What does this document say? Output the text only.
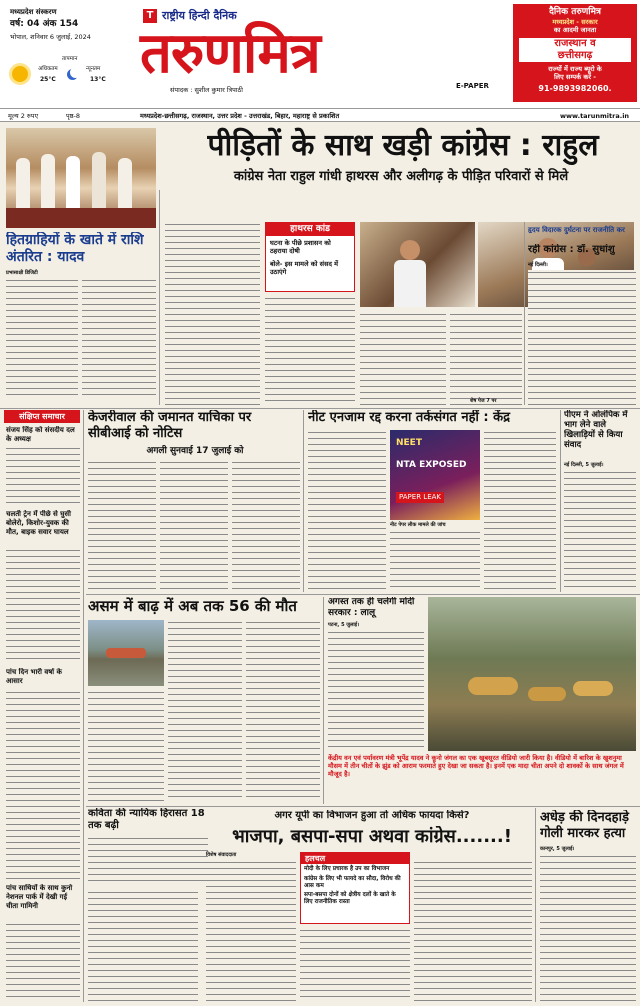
मध्यप्रदेश संस्करण
वर्ष: 04 अंक 154
भोपाल, शनिवार 6 जुलाई, 2024
तापमान
अधिकतम
25°C
न्यूनतम
13°C
T राष्ट्रीय हिन्दी दैनिक
तरुणमित्र
संपादक : सुशील कुमार त्रिपाठी	E-PAPER
दैनिक तरुणमित्र
मध्यप्रदेश - सरकार
का आदमी जानता
राजस्थान व
छत्तीसगढ़
राज्यों में राज्य ब्यूरो के
लिए सम्पर्क करें -
91-9893982060.
मूल्य 2 रुपए	पृष्ठ-8	मध्यप्रदेश-छत्तीसगढ़, राजस्थान, उत्तर प्रदेश - उत्तराखंड, बिहार, महाराष्ट्र से प्रकाशित	www.tarunmitra.in
पीड़ितों के साथ खड़ी कांग्रेस : राहुल
कांग्रेस नेता राहुल गांधी हाथरस और अलीगढ़ के पीड़ित परिवारों से मिले
हितग्राहियों के खाते में राशि अंतरित : यादव
प्रभासाक्षी डिजिटी
हाथरस कांड
घटना के पीछे प्रशासन को ठहराया दोषी
बोले- इस मामले को संसद में उठाएंगे
शेष पेज 7 पर
हृदय विदारक दुर्घटना पर राजनीति कर
रही कांग्रेस : डॉ. सुधांशु
नई दिल्ली।
संक्षिप्त समाचार
संजय सिंह को संसदीय दल के अध्यक्ष
चलती ट्रेन में पीछे से घुसी बोलेरो, किशोर-युवक की मौत, बाइक सवार घायल
पांच दिन भारी वर्षा के आसार
पांच साथियों के साथ कुनो नेशनल पार्क में देखी गई चीता गामिनी
केजरीवाल की जमानत याचिका पर सीबीआई को नोटिस
अगली सुनवाई 17 जुलाई को
नीट एनजाम रद्द करना तर्कसंगत नहीं : केंद्र
NEET
NTA EXPOSED
PAPER LEAK
नीट पेपर लीक मामले की जांच
पीएम ने ओलंपिक में भाग लेने वाले खिलाड़ियों से किया संवाद
नई दिल्ली, 5 जुलाई।
असम में बाढ़ में अब तक 56 की मौत	अगस्त तक ही चलेगी मोदी सरकार : लालू
पटना, 5 जुलाई।
केंद्रीय वन एवं पर्यावरण मंत्री भूपेंद्र यादव ने कूनो जंगल का एक खूबसूरत वीडियो जारी किया है। वीडियो में बारिश के खुशनुमा मौसम में तीन चीतों के झुंड को आराम फरमाते हुए देखा जा सकता है। इनमें एक मादा चीता अपने दो शावकों के साथ जंगल में मौजूद है।
कविता की न्यायिक हिरासत 18 तक बढ़ी
अगर यूपी का विभाजन हुआ तो अधिक फायदा किसे?
भाजपा, बसपा-सपा अथवा कांग्रेस.......!
विशेष संवाददाता	हलचल
मोदी के लिए प्रचारक है उप का विभाजन
कांग्रेस के लिए भी फायदे का सौदा, विरोध की आस कम
सपा-बसपा दोनों को क्षेत्रीय दलों के खाते के लिए राजनीतिक रास्ता
अधेड़ की दिनदहाड़े गोली मारकर हत्या
कानपुर, 5 जुलाई।
